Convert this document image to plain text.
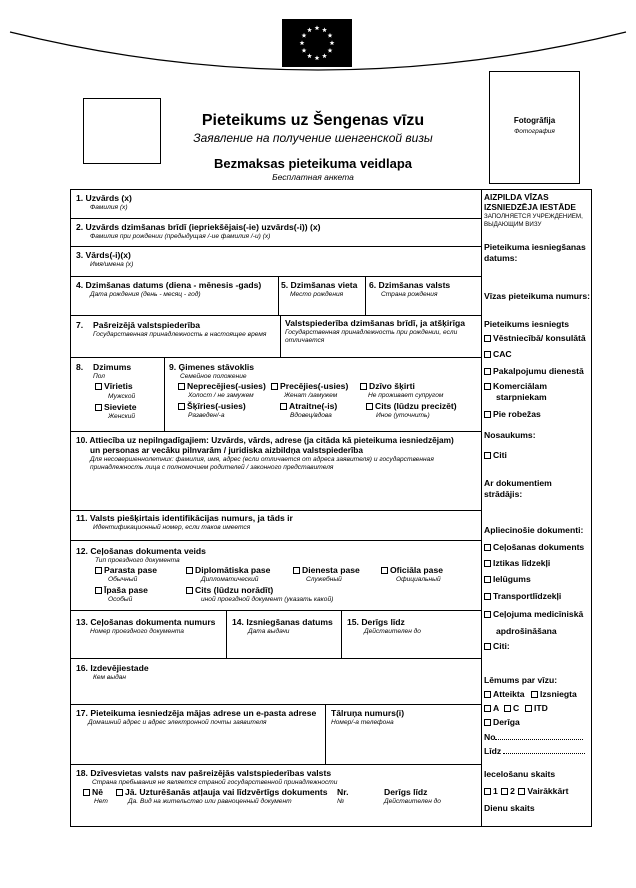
Pieteikums uz Šengenas vīzu
Заявление на получение шенгенской визы
Bezmaksas pieteikuma veidlapa
Бесплатная анкета
Fotogrāfija
Фотография
1. Uzvārds (x)
Фамилия (x)
2. Uzvārds dzimšanas brīdī (iepriekšējais(-ie) uzvārds(-i)) (x)
Фамилия при рождении (предыдущая /-ие фамилия /-и) (x)
3. Vārds(-i)(x)
Имя/имена (x)
4. Dzimšanas datums (diena - mēnesis -gads)
Дата рождения (день - месяц - год)
5. Dzimšanas vieta
Место рождения
6. Dzimšanas valsts
Страна рождения
7. Pašreizējā valstspiederība
Государственная принадлежность в настоящее время
Valstspiederība dzimšanas brīdī, ja atšķirīga
Государственная принадлежность при рождении, если отличается
8. Dzimums
Пол
Vīrietis
Мужской
Sieviete
Женский
9. Ģimenes stāvoklis
Семейное положение
Neprecējies(-usies)
Холост / не замужем
Precējies(-usies)
Женат /замужем
Dzīvo šķirti
Не проживает супругом
Šķīries(-usies)
Разведен/-а
Atraitne(-is)
Вдовец/вдова
Cits (lūdzu precizēt)
Иное (уточнить)
10. Attiecība uz nepilngadīgajiem: Uzvārds, vārds, adrese (ja citāda kā pieteikuma iesniedzējam)
un personas ar vecāku pilnvarām / juridiska aizbildņa valstspiederība
Для несовершеннолетних: фамилия, имя, адрес (если отличается от адреса заявителя) и государственная принадлежность лица с полномочием родителей / законного представителя
11. Valsts piešķirtais identifikācijas numurs, ja tāds ir
Идентификационный номер, если таков имеется
12. Ceļošanas dokumenta veids
Тип проездного документа
Parasta pase
Обычный
Diplomātiska pase
Дипломатический
Dienesta pase
Служебный
Oficiāla pase
Официальный
Īpaša pase
Особый
Cits (lūdzu norādīt)
иной проездной документ (указать какой)
13. Ceļošanas dokumenta numurs
Номер проездного документа
14. Izsniegšanas datums
Дата выдачи
15. Derīgs līdz
Действителен до
16. Izdevējiestade
Кем выдан
17. Pieteikuma iesniedzēja mājas adrese un e-pasta adrese
Домашний адрес и адрес электронной почты заявителя
Tālruņa numurs(i)
Номер/-а телефона
18. Dzīvesvietas valsts nav pašreizējās valstspiederības valsts
Страна пребывания не является страной государственной принадлежности
Nē
Нет
Jā. Uzturēšanās atļauja vai līdzvērtīgs dokuments
Да. Вид на жительство или равноценный документ
Nr.
№
Derīgs līdz
Действителен до
AIZPILDA VĪZAS IZSNIEDZĒJA IESTĀDE
ЗАПОЛНЯЕТСЯ УЧРЕЖДЕНИЕМ, ВЫДАЮЩИМ ВИЗУ
Pieteikuma iesniegšanas datums:
Vīzas pieteikuma numurs:
Pieteikums iesniegts
Vēstniecībā/ konsulātā
CAC
Pakalpojumu dienestā
Komerciālam starpniekam
Pie robežas
Nosaukums:
Citi
Ar dokumentiem strādājis:
Apliecinošie dokumenti:
Ceļošanas dokuments
Iztikas līdzekļi
Ielūgums
Transportlīdzekļi
Ceļojuma medicīniskā apdrošināšana
Citi:
Lēmums par vīzu:
Atteikta	Izsniegta
A	C	ITD
Derīga
No
Līdz
Iecelošanu skaits
1 2 Vairākkārt
Dienu skaits
